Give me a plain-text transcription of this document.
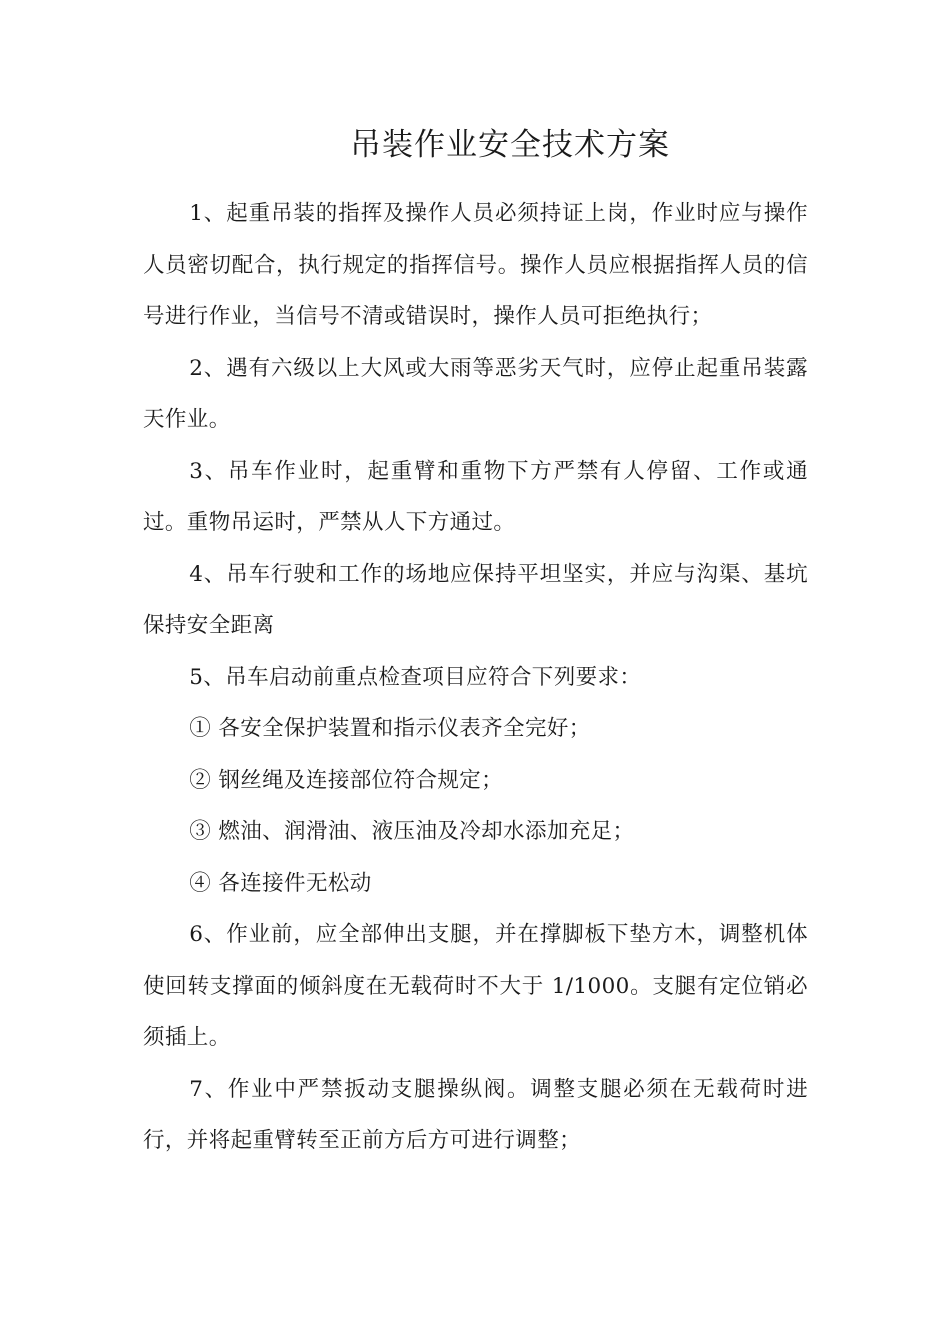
吊装作业安全技术方案

1、起重吊装的指挥及操作人员必须持证上岗，作业时应与操作人员密切配合，执行规定的指挥信号。操作人员应根据指挥人员的信号进行作业，当信号不清或错误时，操作人员可拒绝执行；

2、遇有六级以上大风或大雨等恶劣天气时，应停止起重吊装露天作业。

3、吊车作业时，起重臂和重物下方严禁有人停留、工作或通过。重物吊运时，严禁从人下方通过。

4、吊车行驶和工作的场地应保持平坦坚实，并应与沟渠、基坑保持安全距离

5、吊车启动前重点检查项目应符合下列要求：

① 各安全保护装置和指示仪表齐全完好；

② 钢丝绳及连接部位符合规定；

③ 燃油、润滑油、液压油及冷却水添加充足；

④ 各连接件无松动

6、作业前，应全部伸出支腿，并在撑脚板下垫方木，调整机体使回转支撑面的倾斜度在无载荷时不大于 1/1000。支腿有定位销必须插上。

7、作业中严禁扳动支腿操纵阀。调整支腿必须在无载荷时进行，并将起重臂转至正前方后方可进行调整；
